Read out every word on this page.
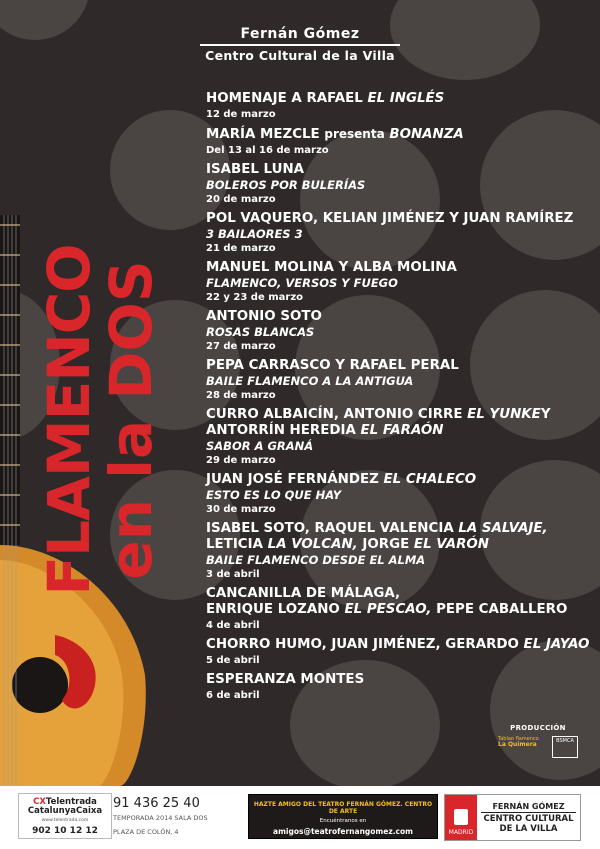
Fernán Gómez
Centro Cultural de la Villa
FLAMENCO
en la DOS
HOMENAJE A RAFAEL EL INGLÉS
12 de marzo
MARÍA MEZCLE presenta BONANZA
Del 13 al 16 de marzo
ISABEL LUNA
BOLEROS POR BULERÍAS
20 de marzo
POL VAQUERO, KELIAN JIMÉNEZ Y JUAN RAMÍREZ
3 BAILAORES 3
21 de marzo
MANUEL MOLINA Y ALBA MOLINA
FLAMENCO, VERSOS Y FUEGO
22 y 23 de marzo
ANTONIO SOTO
ROSAS BLANCAS
27 de marzo
PEPA CARRASCO Y RAFAEL PERAL
BAILE FLAMENCO A LA ANTIGUA
28 de marzo
CURRO ALBAICÍN, ANTONIO CIRRE EL YUNKEY
ANTORRÍN HEREDIA EL FARAÓN
SABOR A GRANÁ
29 de marzo
JUAN JOSÉ FERNÁNDEZ EL CHALECO
ESTO ES LO QUE HAY
30 de marzo
ISABEL SOTO, RAQUEL VALENCIA LA SALVAJE,
LETICIA LA VOLCAN, JORGE EL VARÓN
BAILE FLAMENCO DESDE EL ALMA
3 de abril
CANCANILLA DE MÁLAGA,
ENRIQUE LOZANO EL PESCAO, PEPE CABALLERO
4 de abril
CHORRO HUMO, JUAN JIMÉNEZ, GERARDO EL JAYAO
5 de abril
ESPERANZA MONTES
6 de abril
PRODUCCIÓN
Tablao flamenco
La Quimera	BSMCA
CXTelentrada
CatalunyaCaixa
www.telentrada.com
902 10 12 12
91 436 25 40
TEMPORADA 2014 SALA DOS
PLAZA DE COLÓN, 4
HAZTE AMIGO DEL TEATRO FERNÁN GÓMEZ. CENTRO DE ARTE
Encuéntranos en
amigos@teatrofernangomez.com	MADRID
FERNÁN GÓMEZ
CENTRO CULTURAL DE LA VILLA
